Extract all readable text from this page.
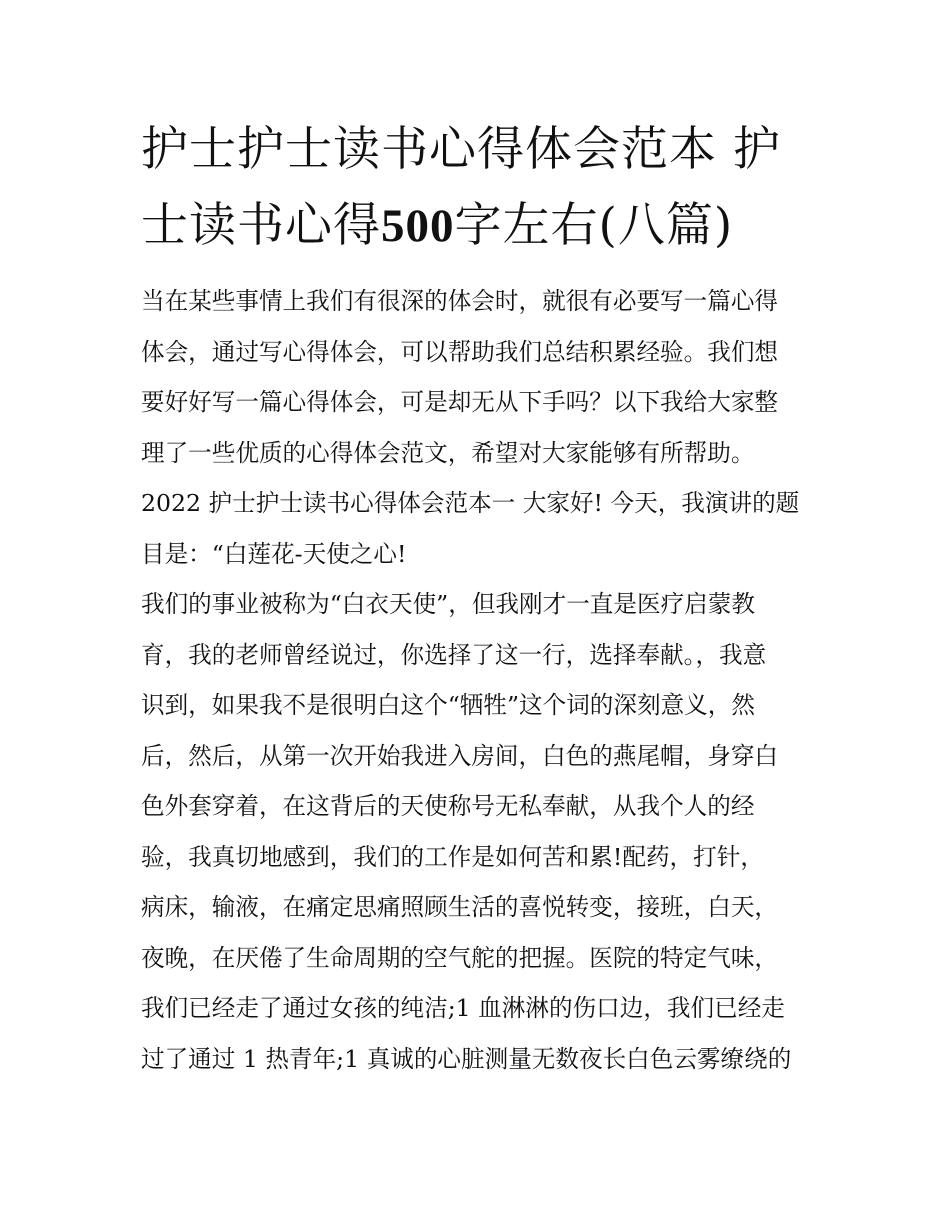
护士护士读书心得体会范本 护士读书心得500字左右(八篇)
当在某些事情上我们有很深的体会时，就很有必要写一篇心得
体会，通过写心得体会，可以帮助我们总结积累经验。我们想
要好好写一篇心得体会，可是却无从下手吗？以下我给大家整
理了一些优质的心得体会范文，希望对大家能够有所帮助。
2022 护士护士读书心得体会范本一 大家好! 今天，我演讲的题
目是：“白莲花-天使之心!
我们的事业被称为“白衣天使”，但我刚才一直是医疗启蒙教
育，我的老师曾经说过，你选择了这一行，选择奉献。，我意
识到，如果我不是很明白这个“牺牲”这个词的深刻意义，然
后，然后，从第一次开始我进入房间，白色的燕尾帽，身穿白
色外套穿着，在这背后的天使称号无私奉献，从我个人的经
验，我真切地感到，我们的工作是如何苦和累!配药，打针，
病床，输液，在痛定思痛照顾生活的喜悦转变，接班，白天，
夜晚，在厌倦了生命周期的空气舵的把握。医院的特定气味，
我们已经走了通过女孩的纯洁;1 血淋淋的伤口边，我们已经走
过了通过 1 热青年;1 真诚的心脏测量无数夜长白色云雾缭绕的
